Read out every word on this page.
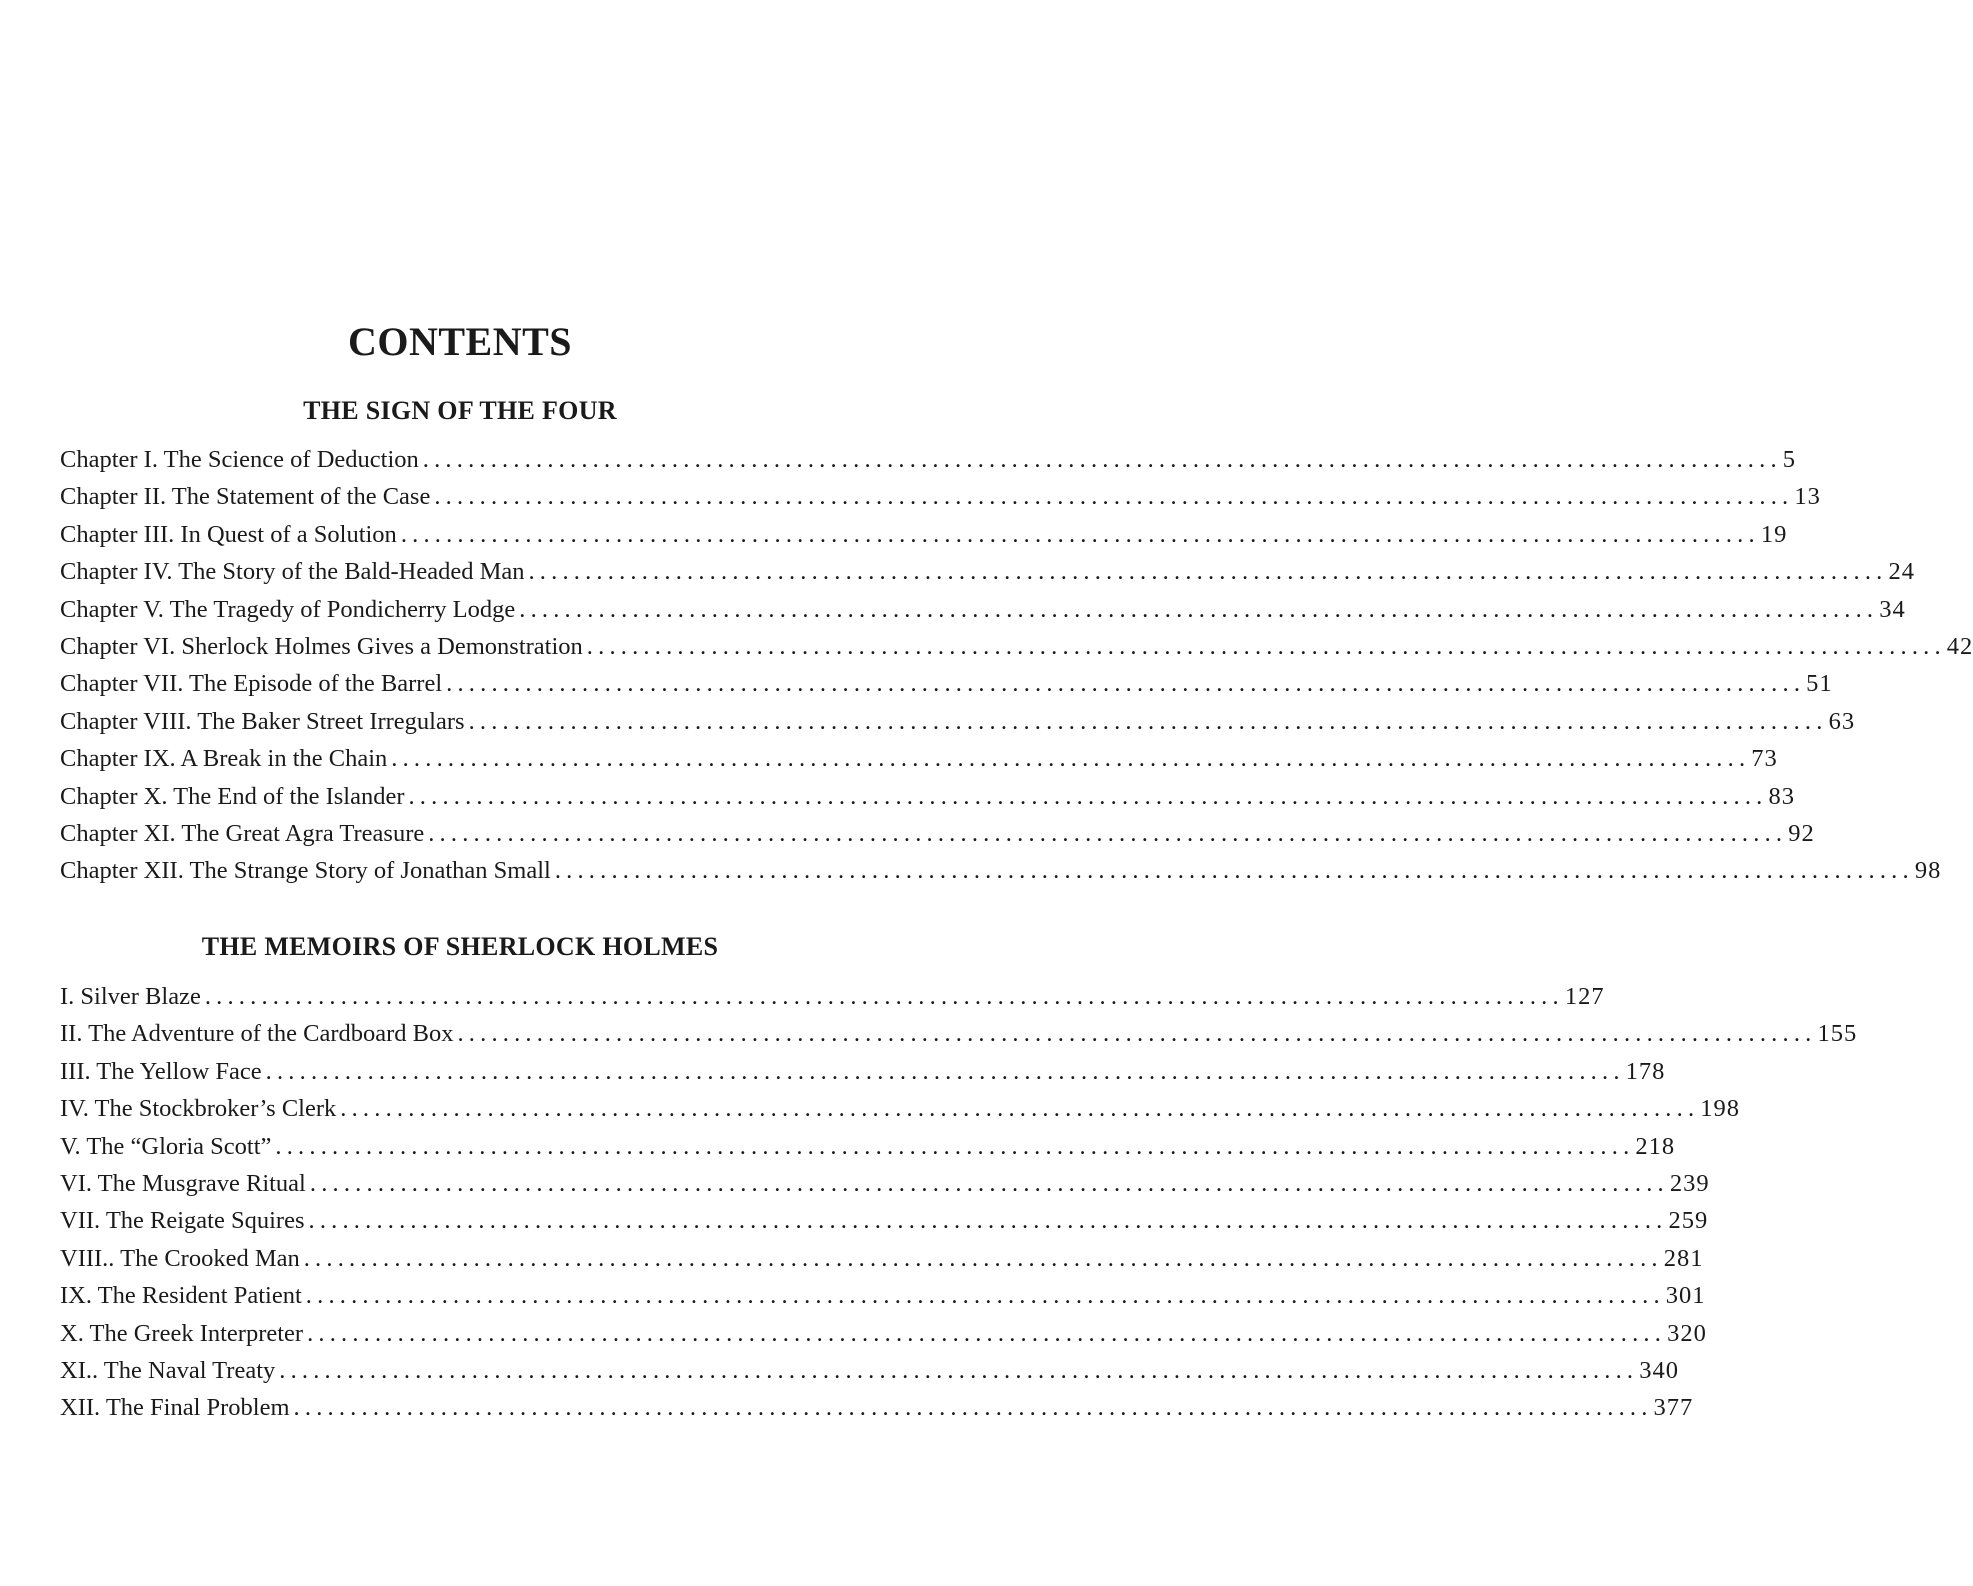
CONTENTS
THE SIGN OF THE FOUR
Chapter I. The Science of Deduction ........................................................................................................................ 5
Chapter II. The Statement of the Case ........................................................................................................................ 13
Chapter III. In Quest of a Solution ........................................................................................................................ 19
Chapter IV. The Story of the Bald-Headed Man ........................................................................................................................ 24
Chapter V. The Tragedy of Pondicherry Lodge ........................................................................................................................ 34
Chapter VI. Sherlock Holmes Gives a Demonstration ........................................................................................................................ 42
Chapter VII. The Episode of the Barrel ........................................................................................................................ 51
Chapter VIII. The Baker Street Irregulars ........................................................................................................................ 63
Chapter IX. A Break in the Chain ........................................................................................................................ 73
Chapter X. The End of the Islander ........................................................................................................................ 83
Chapter XI. The Great Agra Treasure ........................................................................................................................ 92
Chapter XII. The Strange Story of Jonathan Small ........................................................................................................................ 98
THE MEMOIRS OF SHERLOCK HOLMES
I. Silver Blaze ........................................................................................................................ 127
II. The Adventure of the Cardboard Box ........................................................................................................................ 155
III. The Yellow Face ........................................................................................................................ 178
IV. The Stockbroker’s Clerk ........................................................................................................................ 198
V. The “Gloria Scott” ........................................................................................................................ 218
VI. The Musgrave Ritual ........................................................................................................................ 239
VII. The Reigate Squires ........................................................................................................................ 259
VIII.. The Crooked Man ........................................................................................................................ 281
IX. The Resident Patient ........................................................................................................................ 301
X. The Greek Interpreter ........................................................................................................................ 320
XI.. The Naval Treaty ........................................................................................................................ 340
XII. The Final Problem ........................................................................................................................ 377
